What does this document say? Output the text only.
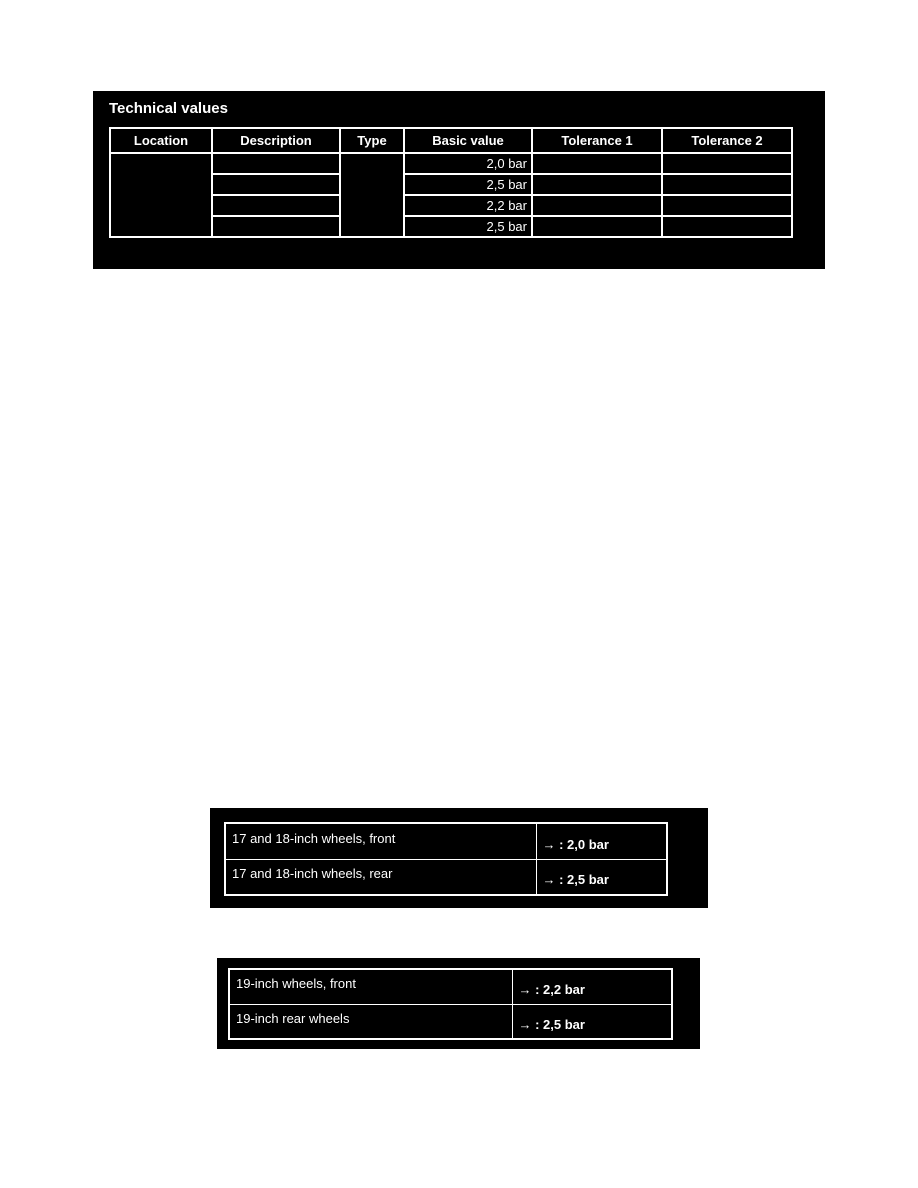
Technical values
Location	Description	Type	Basic value	Tolerance 1	Tolerance 2
			2,0 bar		
			2,5 bar		
			2,2 bar		
			2,5 bar		
17 and 18-inch wheels, front	→ : 2,0 bar
17 and 18-inch wheels, rear	→ : 2,5 bar
19-inch wheels, front	→ : 2,2 bar
19-inch rear wheels	→ : 2,5 bar
